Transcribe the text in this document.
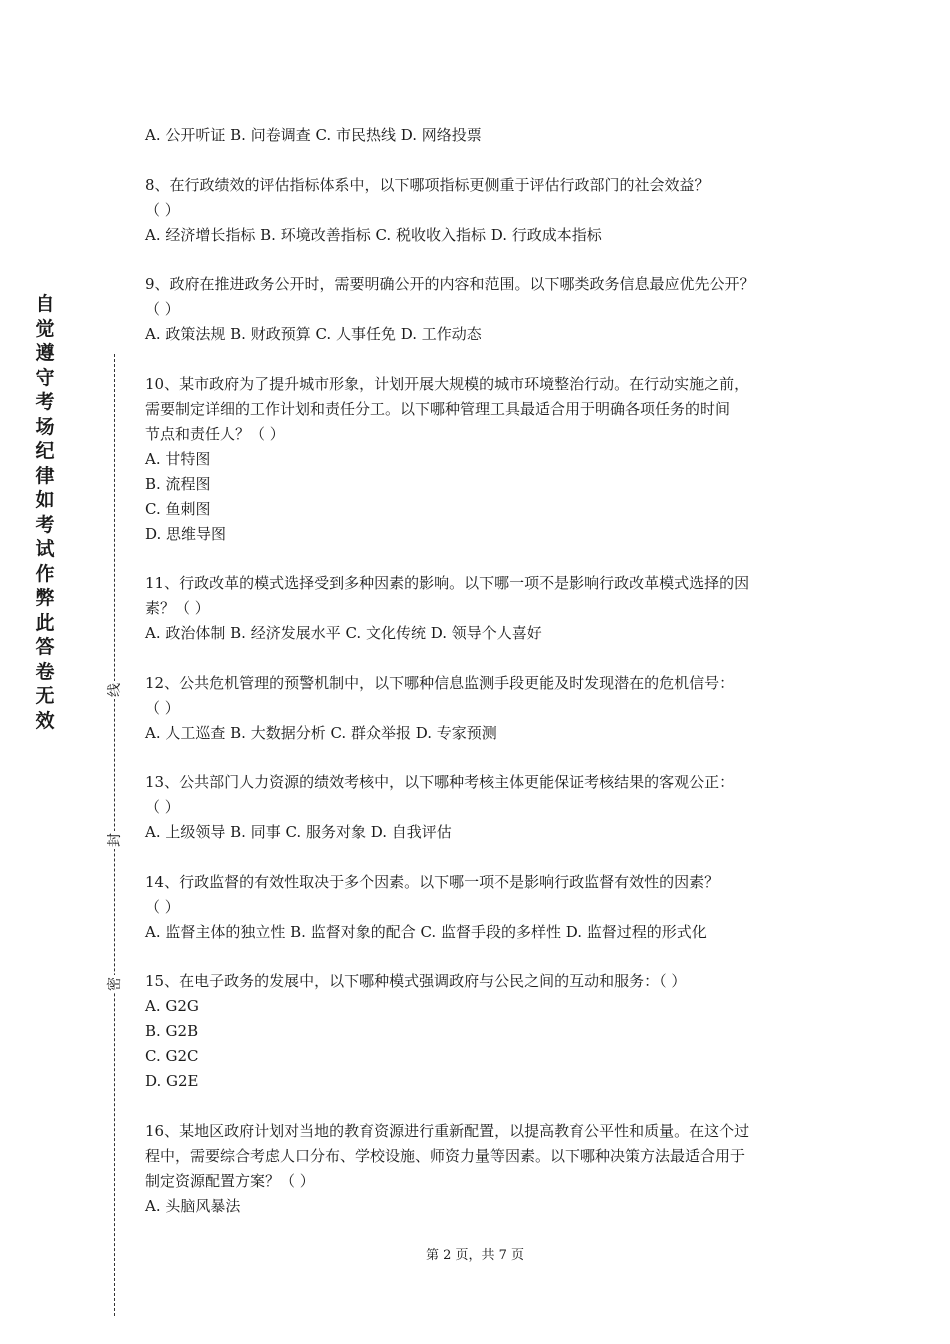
自
觉
遵
守
考
场
纪
律
如
考
试
作
弊
此
答
卷
无
效
线
封
密
A. 公开听证 B. 问卷调查 C. 市民热线 D. 网络投票
8、在行政绩效的评估指标体系中，以下哪项指标更侧重于评估行政部门的社会效益？
（ ）
A. 经济增长指标 B. 环境改善指标 C. 税收收入指标 D. 行政成本指标
9、政府在推进政务公开时，需要明确公开的内容和范围。以下哪类政务信息最应优先公开？
（ ）
A. 政策法规 B. 财政预算 C. 人事任免 D. 工作动态
10、某市政府为了提升城市形象，计划开展大规模的城市环境整治行动。在行动实施之前，
需要制定详细的工作计划和责任分工。以下哪种管理工具最适合用于明确各项任务的时间
节点和责任人？（ ）
A. 甘特图
B. 流程图
C. 鱼刺图
D. 思维导图
11、行政改革的模式选择受到多种因素的影响。以下哪一项不是影响行政改革模式选择的因
素？（ ）
A. 政治体制 B. 经济发展水平 C. 文化传统 D. 领导个人喜好
12、公共危机管理的预警机制中，以下哪种信息监测手段更能及时发现潜在的危机信号：
（ ）
A. 人工巡查 B. 大数据分析 C. 群众举报 D. 专家预测
13、公共部门人力资源的绩效考核中，以下哪种考核主体更能保证考核结果的客观公正：
（ ）
A. 上级领导 B. 同事 C. 服务对象 D. 自我评估
14、行政监督的有效性取决于多个因素。以下哪一项不是影响行政监督有效性的因素？
（ ）
A. 监督主体的独立性 B. 监督对象的配合 C. 监督手段的多样性 D. 监督过程的形式化
15、在电子政务的发展中，以下哪种模式强调政府与公民之间的互动和服务：（ ）
A. G2G
B. G2B
C. G2C
D. G2E
16、某地区政府计划对当地的教育资源进行重新配置，以提高教育公平性和质量。在这个过
程中，需要综合考虑人口分布、学校设施、师资力量等因素。以下哪种决策方法最适合用于
制定资源配置方案？（ ）
A. 头脑风暴法
第 2 页，共 7 页
